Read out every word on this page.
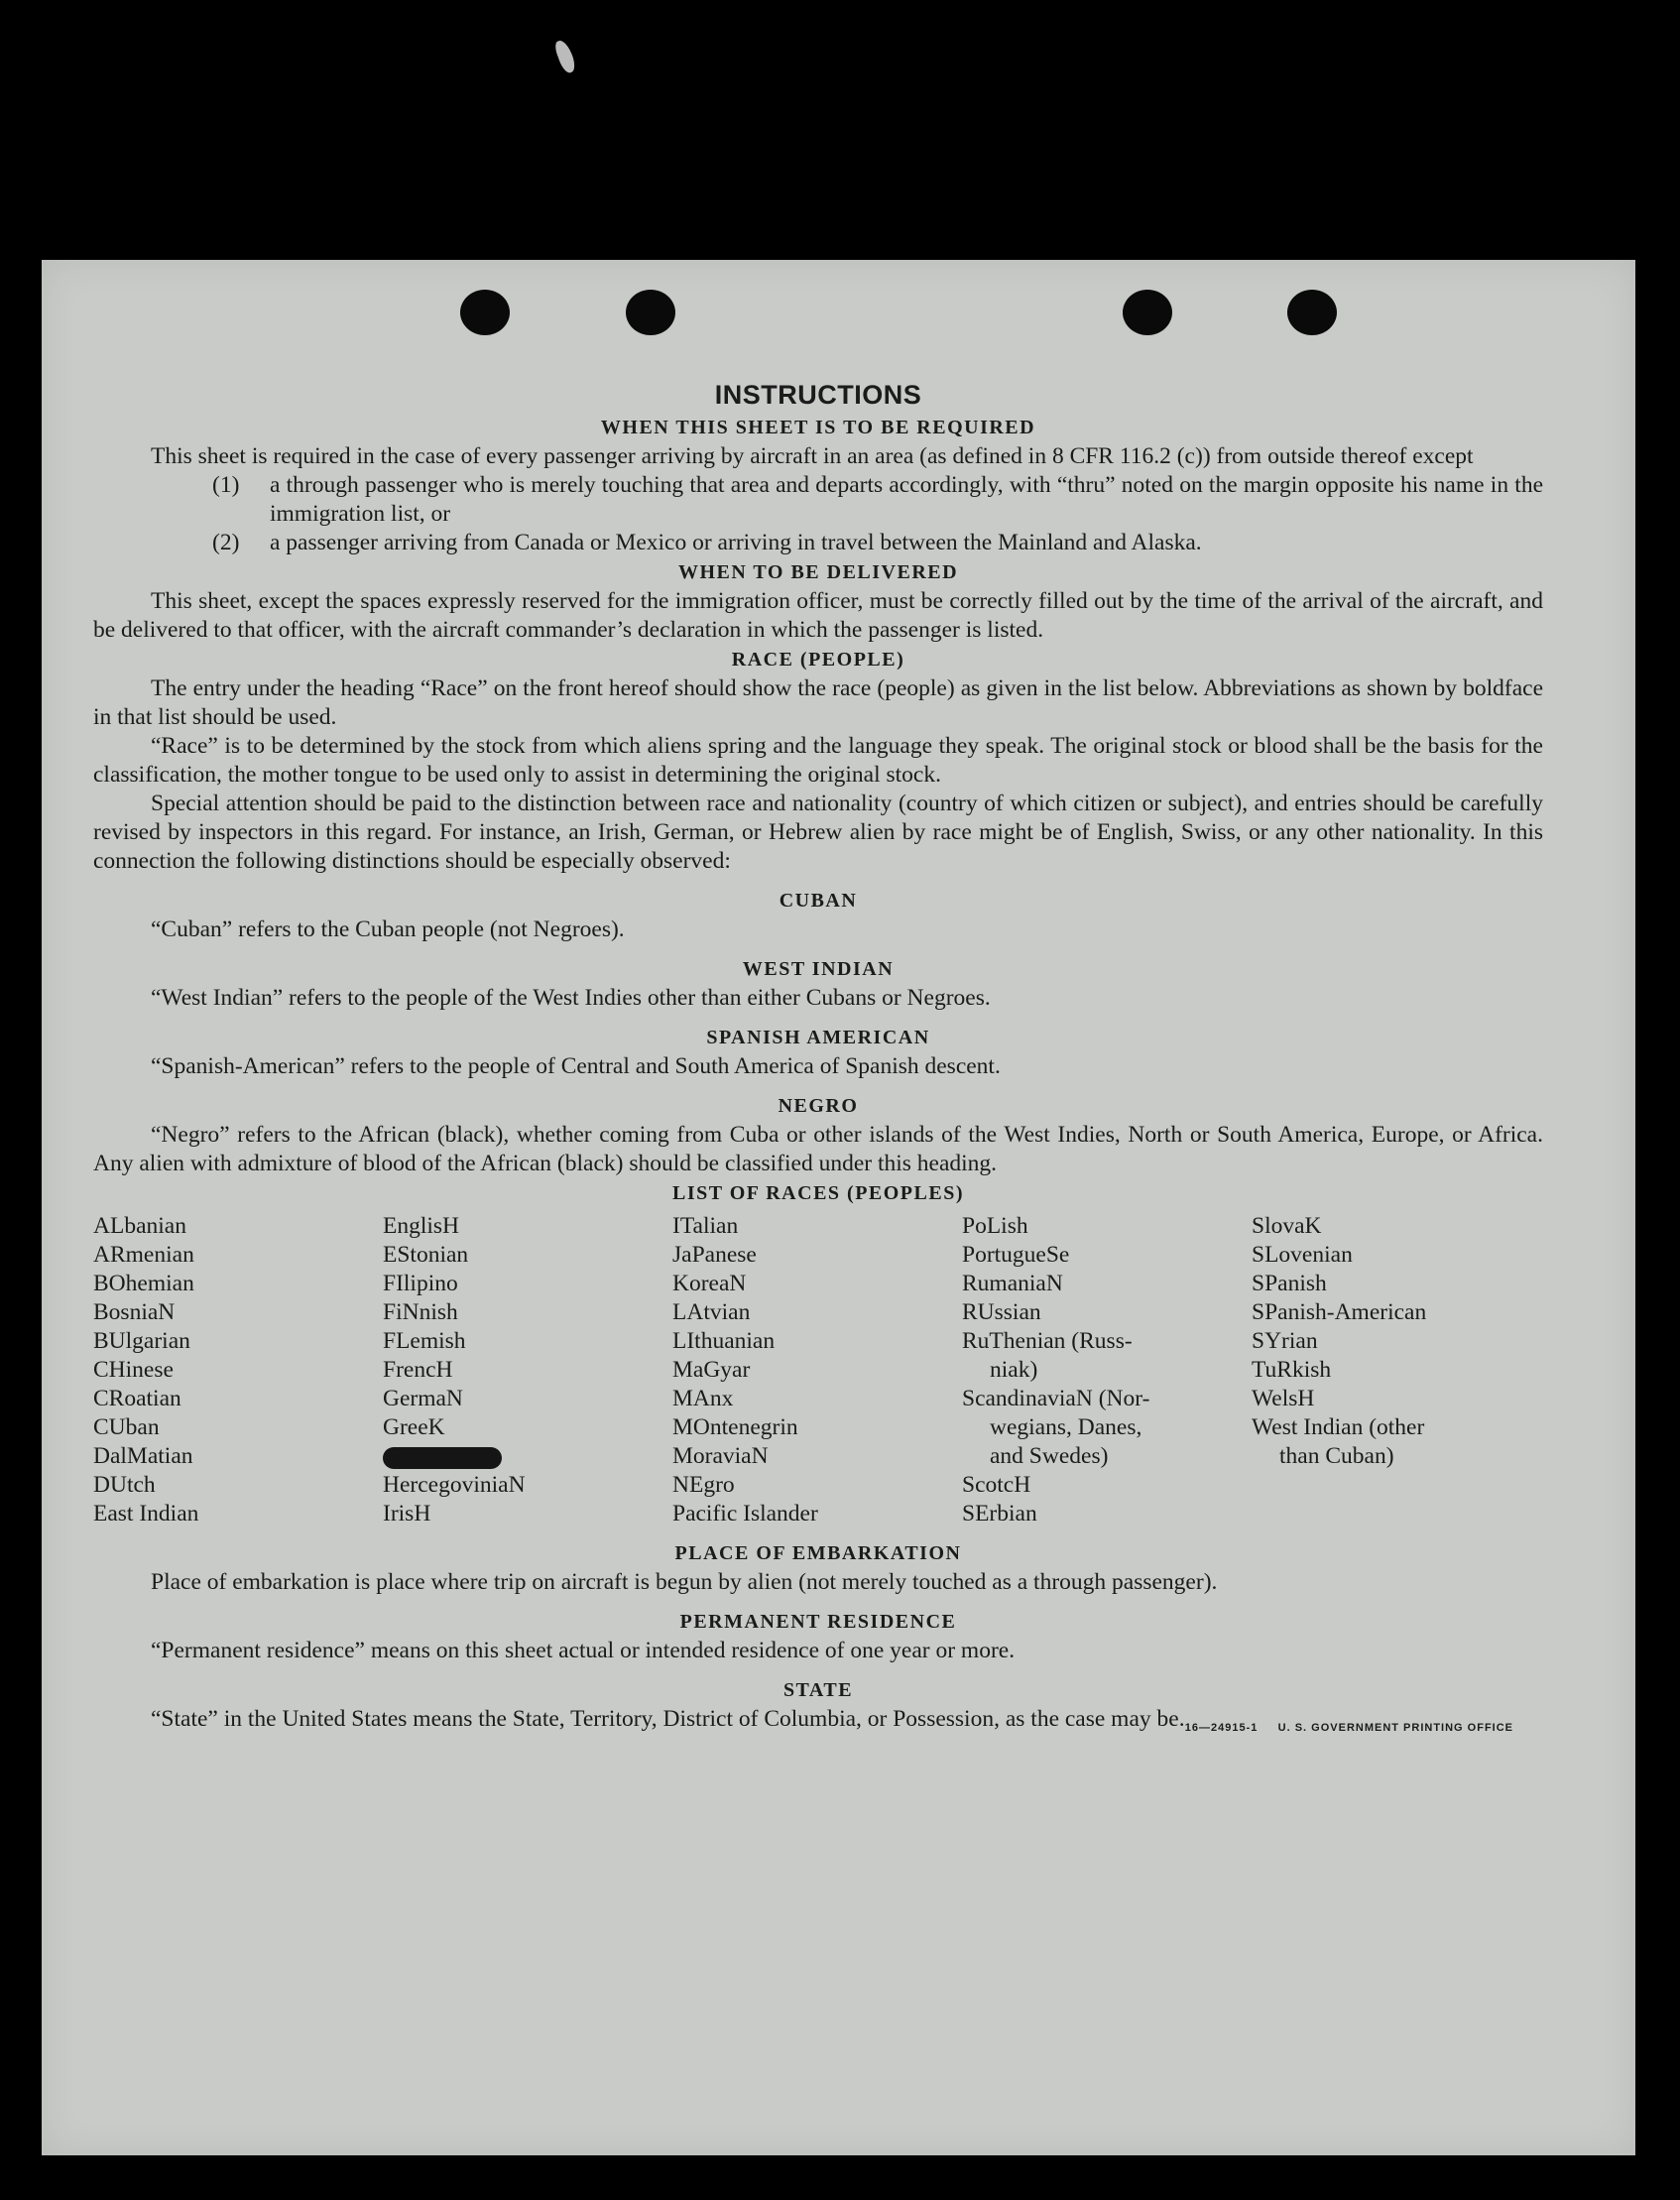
INSTRUCTIONS
WHEN THIS SHEET IS TO BE REQUIRED

This sheet is required in the case of every passenger arriving by aircraft in an area (as defined in 8 CFR 116.2 (c)) from outside thereof except

(1)	a through passenger who is merely touching that area and departs accordingly, with “thru” noted on the margin opposite his name in the immigration list, or
(2)	a passenger arriving from Canada or Mexico or arriving in travel between the Mainland and Alaska.
WHEN TO BE DELIVERED

This sheet, except the spaces expressly reserved for the immigration officer, must be correctly filled out by the time of the arrival of the aircraft, and be delivered to that officer, with the aircraft commander’s declaration in which the passenger is listed.

RACE (PEOPLE)

The entry under the heading “Race” on the front hereof should show the race (people) as given in the list below. Abbreviations as shown by boldface in that list should be used.

“Race” is to be determined by the stock from which aliens spring and the language they speak. The original stock or blood shall be the basis for the classification, the mother tongue to be used only to assist in determining the original stock.

Special attention should be paid to the distinction between race and nationality (country of which citizen or subject), and entries should be carefully revised by inspectors in this regard. For instance, an Irish, German, or Hebrew alien by race might be of English, Swiss, or any other nationality. In this connection the following distinctions should be especially observed:

CUBAN

“Cuban” refers to the Cuban people (not Negroes).

WEST INDIAN

“West Indian” refers to the people of the West Indies other than either Cubans or Negroes.

SPANISH AMERICAN

“Spanish-American” refers to the people of Central and South America of Spanish descent.

NEGRO

“Negro” refers to the African (black), whether coming from Cuba or other islands of the West Indies, North or South America, Europe, or Africa. Any alien with admixture of blood of the African (black) should be classified under this heading.

LIST OF RACES (PEOPLES)
ALbanian
ARmenian
BOhemian
BosniaN
BUlgarian
CHinese
CRoatian
CUban
DalMatian
DUtch
East Indian
EnglisH
EStonian
FIlipino
FiNnish
FLemish
FrencH
GermaN
GreeK
HercegoviniaN
IrisH
ITalian
JaPanese
KoreaN
LAtvian
LIthuanian
MaGyar
MAnx
MOntenegrin
MoraviaN
NEgro
Pacific Islander
PoLish
PortugueSe
RumaniaN
RUssian
RuThenian (Russ-
niak)
ScandinaviaN (Nor-
wegians, Danes,
and Swedes)
ScotcH
SErbian
SlovaK
SLovenian
SPanish
SPanish-American
SYrian
TuRkish
WelsH
West Indian (other
than Cuban)
PLACE OF EMBARKATION

Place of embarkation is place where trip on aircraft is begun by alien (not merely touched as a through passenger).

PERMANENT RESIDENCE

“Permanent residence” means on this sheet actual or intended residence of one year or more.

STATE

“State” in the United States means the State, Territory, District of Columbia, or Possession, as the case may be. 16—24915-1 U. S. GOVERNMENT PRINTING OFFICE
